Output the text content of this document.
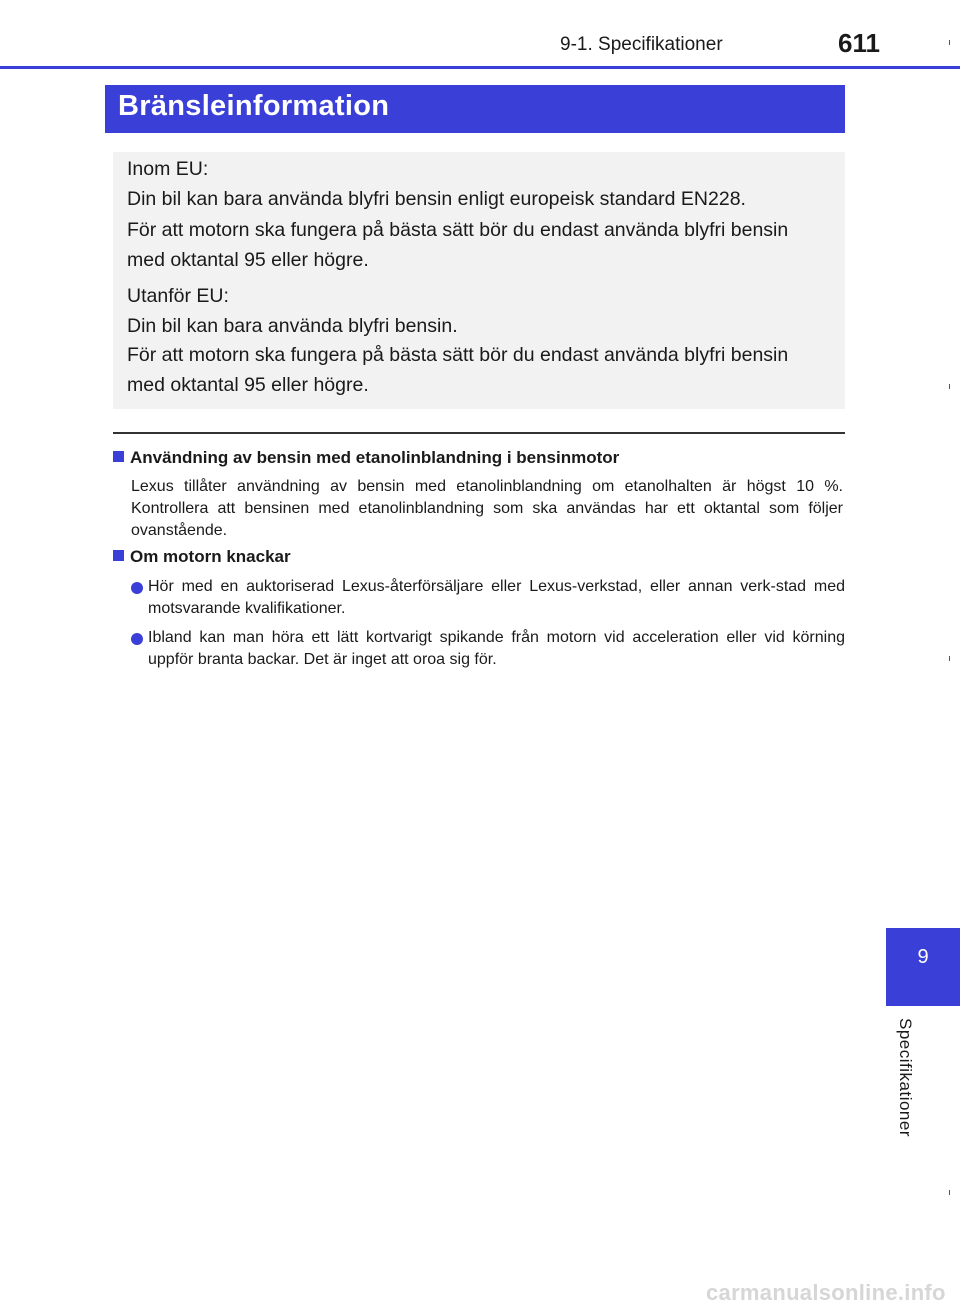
9-1. Specifikationer	611
Bränsleinformation
Inom EU:
Din bil kan bara använda blyfri bensin enligt europeisk standard EN228.
För att motorn ska fungera på bästa sätt bör du endast använda blyfri bensin
med oktantal 95 eller högre.
Utanför EU:
Din bil kan bara använda blyfri bensin.
För att motorn ska fungera på bästa sätt bör du endast använda blyfri bensin
med oktantal 95 eller högre.
Användning av bensin med etanolinblandning i bensinmotor
Lexus tillåter användning av bensin med etanolinblandning om etanolhalten är högst 10 %. Kontrollera att bensinen med etanolinblandning som ska användas har ett oktantal som följer ovanstående.
Om motorn knackar
Hör med en auktoriserad Lexus-återförsäljare eller Lexus-verkstad, eller annan verk-stad med motsvarande kvalifikationer.
Ibland kan man höra ett lätt kortvarigt spikande från motorn vid acceleration eller vid körning uppför branta backar. Det är inget att oroa sig för.
9
Specifikationer
carmanualsonline.info
